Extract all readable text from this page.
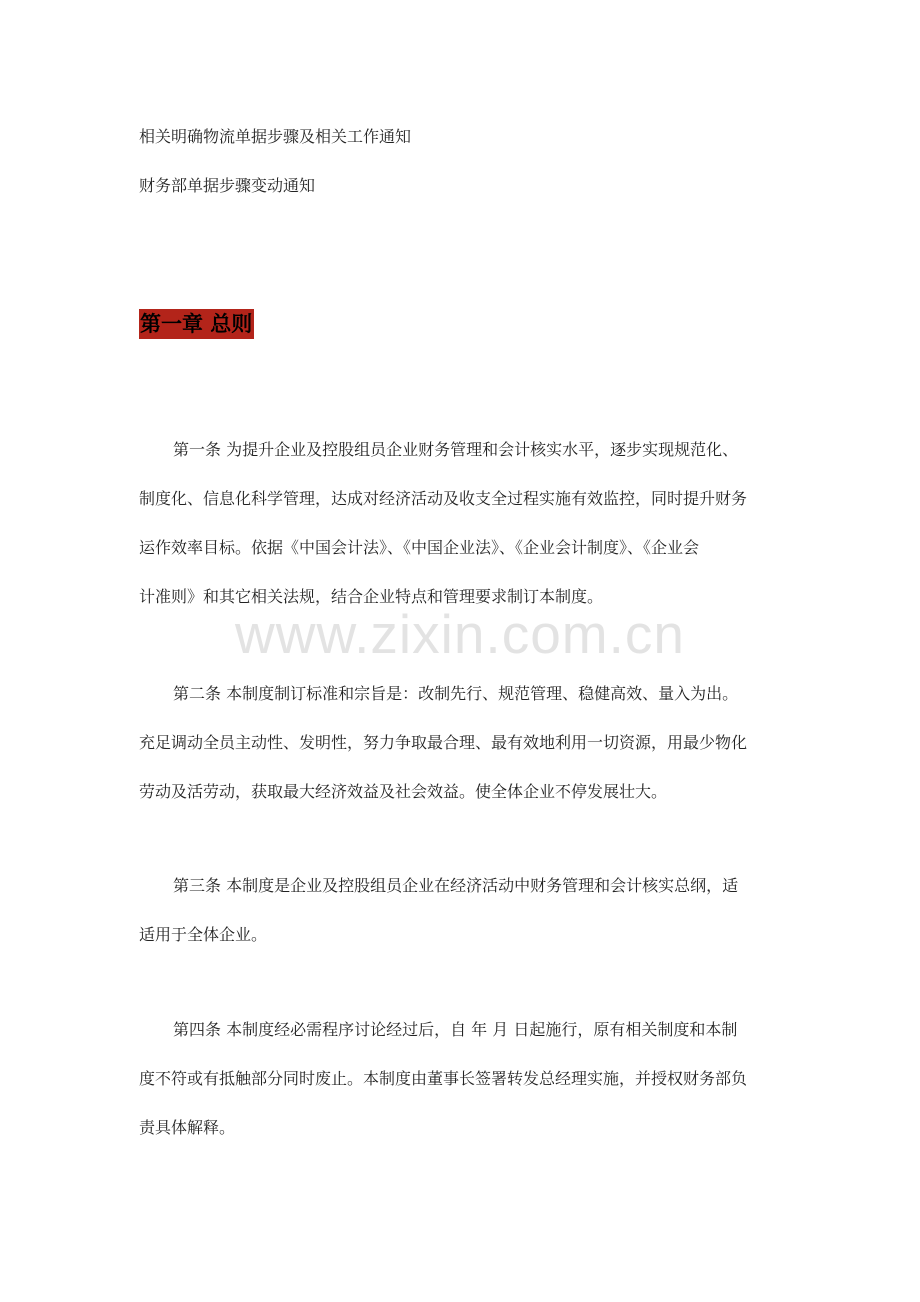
相关明确物流单据步骤及相关工作通知
财务部单据步骤变动通知
第一章 总则
www.zixin.com.cn
第一条 为提升企业及控股组员企业财务管理和会计核实水平，逐步实现规范化、
制度化、信息化科学管理，达成对经济活动及收支全过程实施有效监控，同时提升财务
运作效率目标。依据《中国会计法》、《中国企业法》、《企业会计制度》、《企业会
计准则》和其它相关法规，结合企业特点和管理要求制订本制度。
第二条 本制度制订标准和宗旨是：改制先行、规范管理、稳健高效、量入为出。
充足调动全员主动性、发明性，努力争取最合理、最有效地利用一切资源，用最少物化
劳动及活劳动，获取最大经济效益及社会效益。使全体企业不停发展壮大。
第三条 本制度是企业及控股组员企业在经济活动中财务管理和会计核实总纲，适
适用于全体企业。
第四条 本制度经必需程序讨论经过后，自 年 月 日起施行，原有相关制度和本制
度不符或有抵触部分同时废止。本制度由董事长签署转发总经理实施，并授权财务部负
责具体解释。
